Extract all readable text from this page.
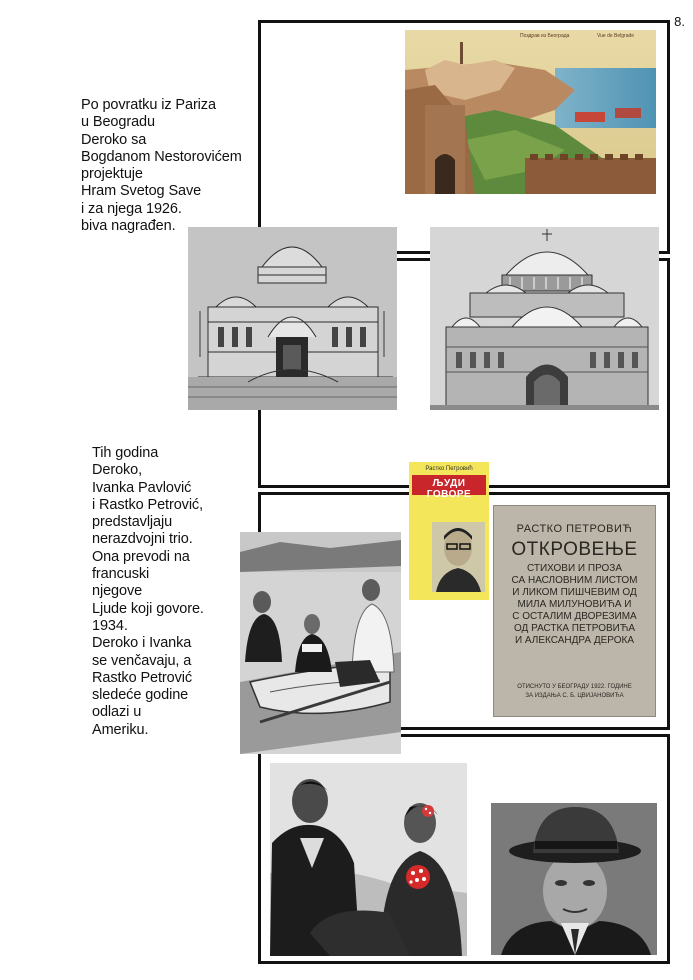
8.
Po povratku iz Pariza
u Beogradu
Deroko sa
Bogdanom Nestorovićem
projektuje
Hram Svetog Save
i za njega 1926.
biva nagrađen.
Tih godina
Deroko,
Ivanka Pavlović
i Rastko Petrović,
predstavljaju
nerazdvojni trio.
Ona prevodi na
francuski
njegove
Ljude koji govore.
1934.
Deroko i Ivanka
se venčavaju, a
Rastko Petrović
sledeće godine
odlazi u
Ameriku.
Поздрав из Београда	Vue de Belgrade
Растко Петровић
ЉУДИ ГОВОРЕ
РАСТКО ПЕТРОВИЋ
ОТКРОВЕЊЕ
СТИХОВИ И ПРОЗА
СА НАСЛОВНИМ ЛИСТОМ
И ЛИКОМ ПИШЧЕВИМ ОД
МИЛА МИЛУНОВИЋА И
С ОСТАЛИМ ДВОРЕЗИМА
ОД РАСТКА ПЕТРОВИЋА
И АЛЕКСАНДРА ДЕРОКА
ОТИСНУТО У БЕОГРАДУ 1922. ГОДИНЕ
ЗА ИЗДАЊА С. Б. ЦВИЈАНОВИЋА
